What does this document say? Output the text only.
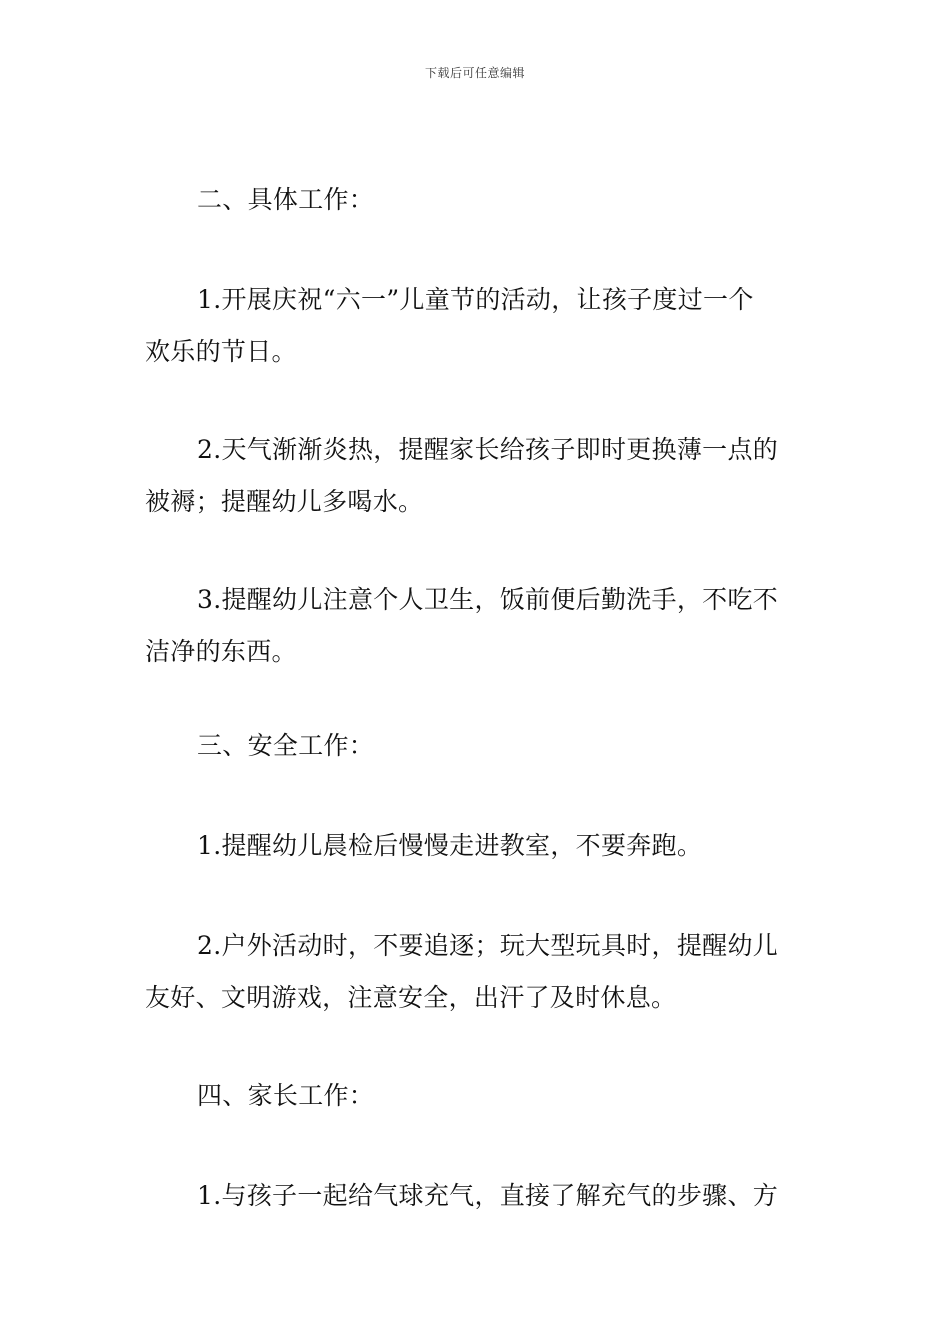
下载后可任意编辑
二、具体工作：
1.开展庆祝“六一”儿童节的活动，让孩子度过一个
欢乐的节日。
2.天气渐渐炎热，提醒家长给孩子即时更换薄一点的
被褥；提醒幼儿多喝水。
3.提醒幼儿注意个人卫生，饭前便后勤洗手，不吃不
洁净的东西。
三、安全工作：
1.提醒幼儿晨检后慢慢走进教室，不要奔跑。
2.户外活动时，不要追逐；玩大型玩具时，提醒幼儿
友好、文明游戏，注意安全，出汗了及时休息。
四、家长工作：
1.与孩子一起给气球充气，直接了解充气的步骤、方
